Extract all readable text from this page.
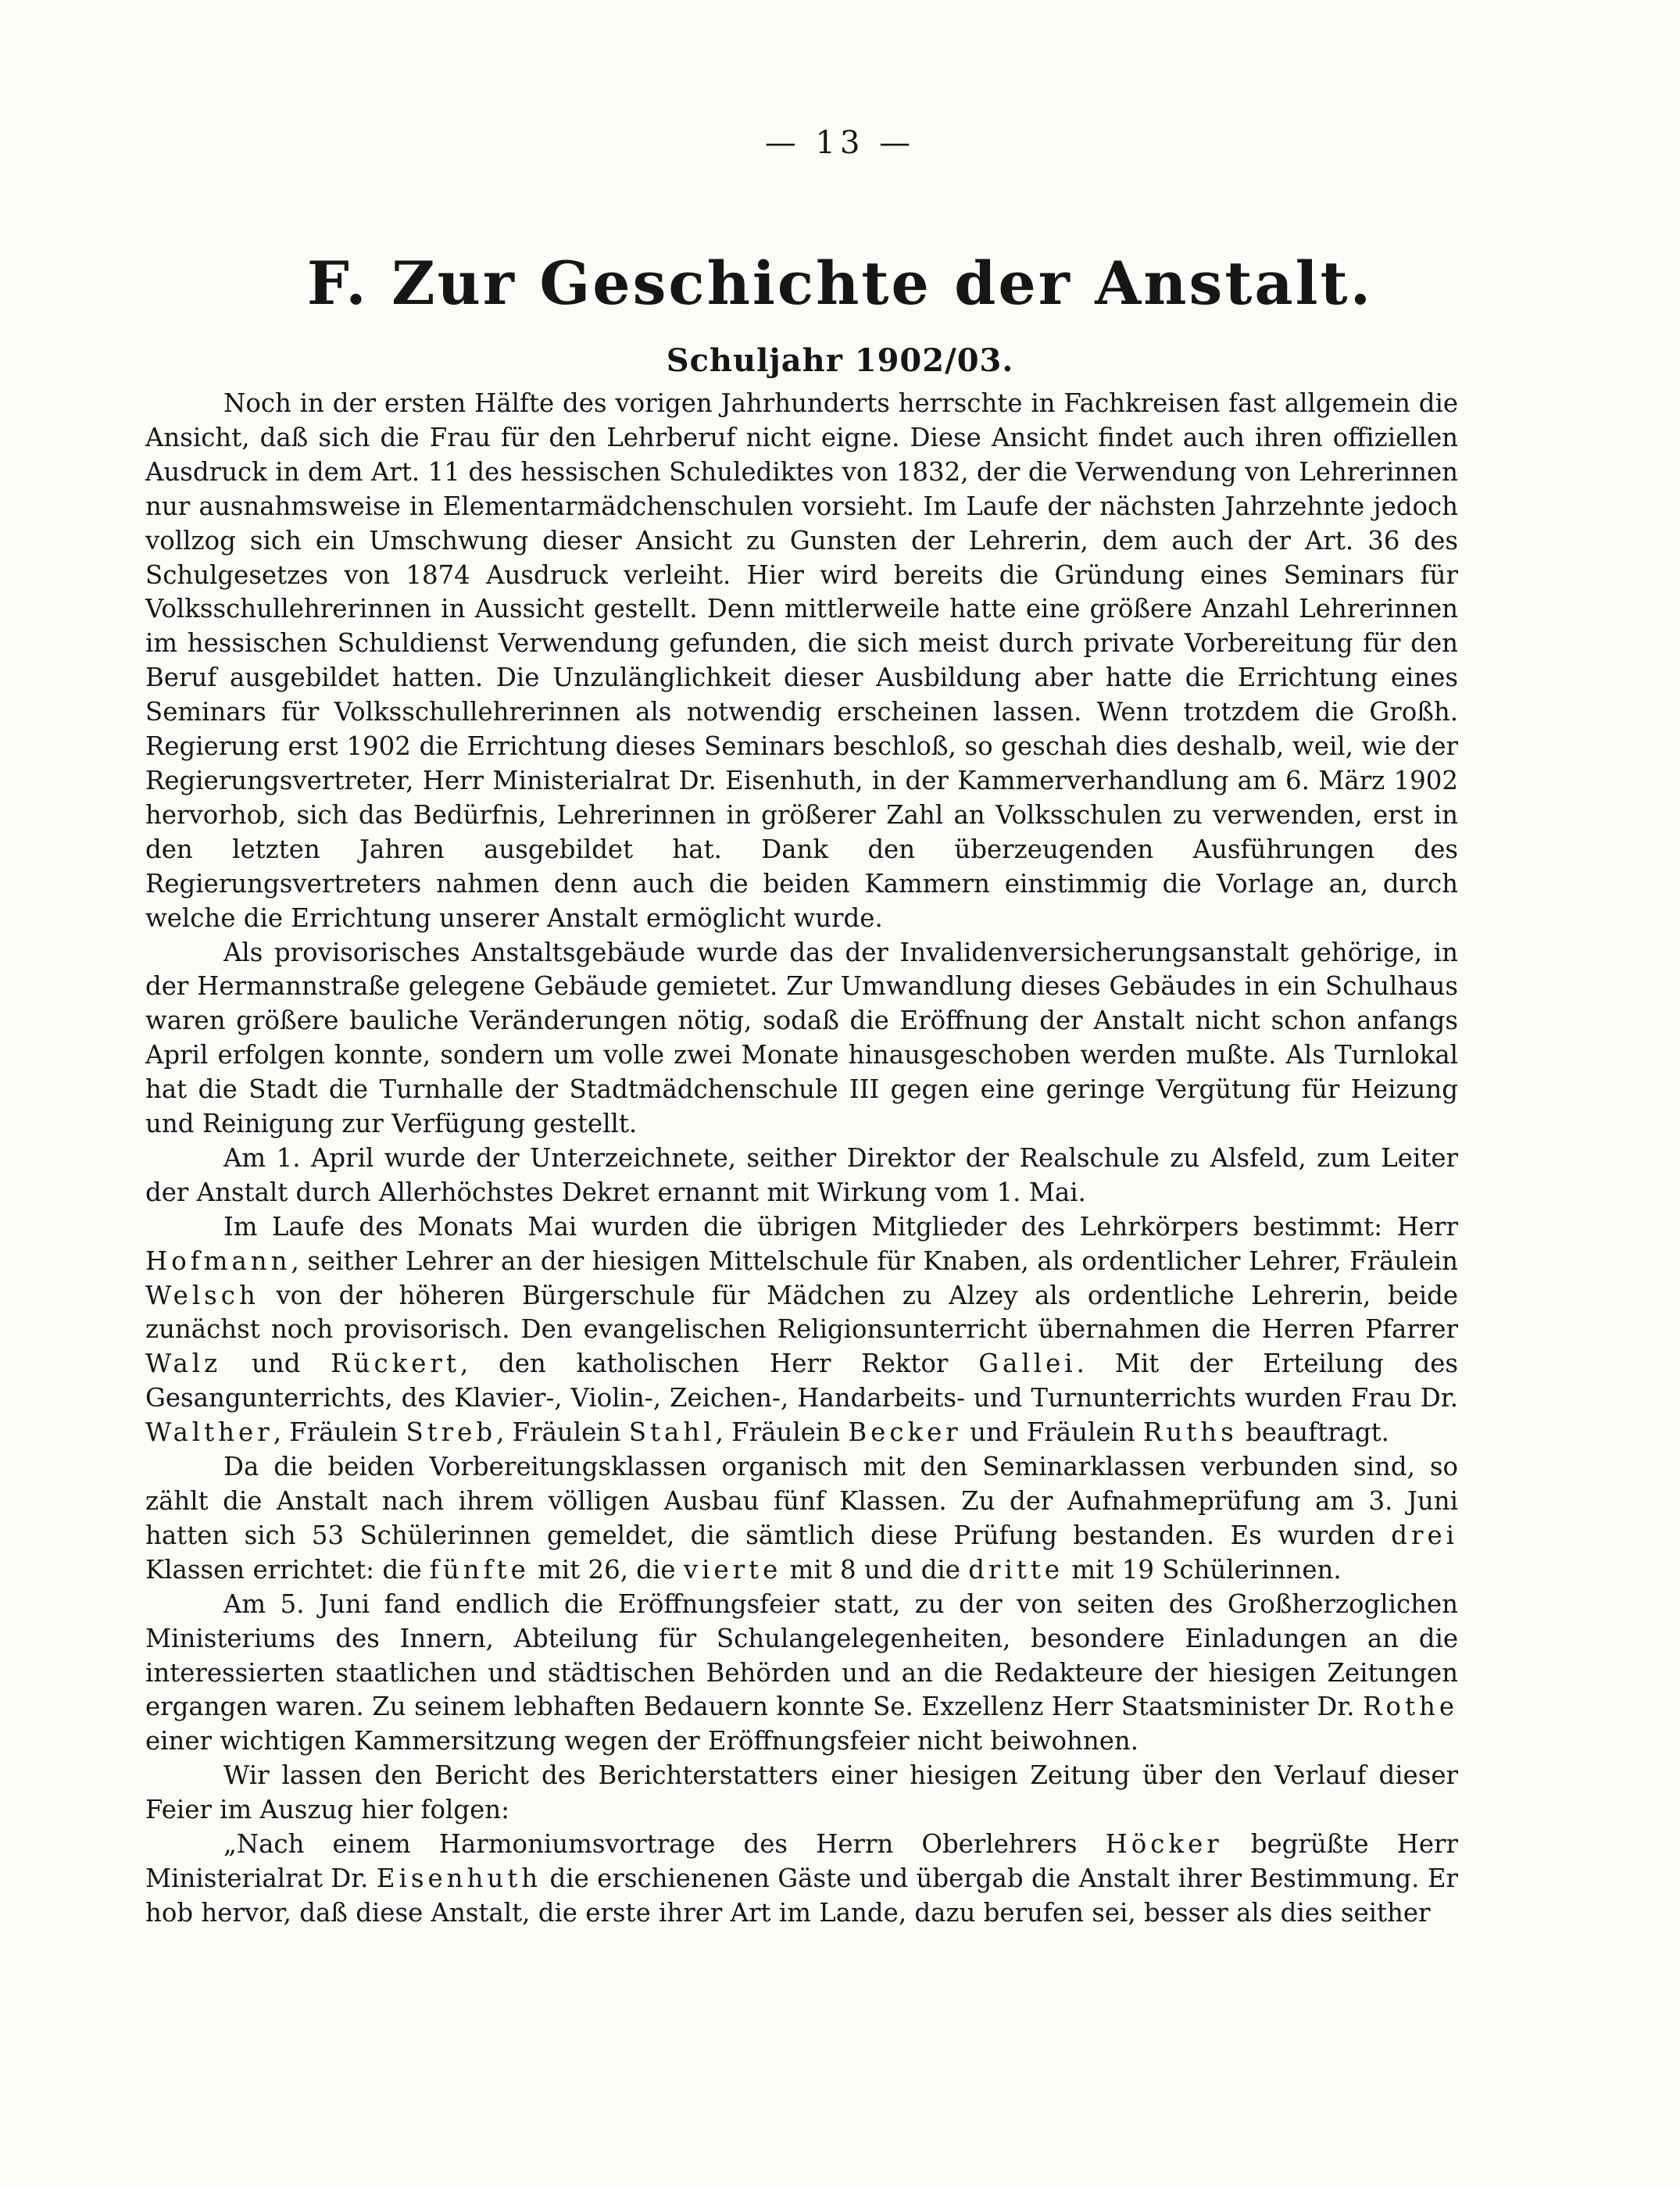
— 13 —
F. Zur Geschichte der Anstalt.
Schuljahr 1902/03.

Noch in der ersten Hälfte des vorigen Jahrhunderts herrschte in Fachkreisen fast allgemein die Ansicht, daß sich die Frau für den Lehrberuf nicht eigne. Diese Ansicht findet auch ihren offiziellen Ausdruck in dem Art. 11 des hessischen Schulediktes von 1832, der die Verwendung von Lehrerinnen nur ausnahmsweise in Elementarmädchenschulen vorsieht. Im Laufe der nächsten Jahrzehnte jedoch vollzog sich ein Umschwung dieser Ansicht zu Gunsten der Lehrerin, dem auch der Art. 36 des Schulgesetzes von 1874 Ausdruck verleiht. Hier wird bereits die Gründung eines Seminars für Volksschullehrerinnen in Aussicht gestellt. Denn mittlerweile hatte eine größere Anzahl Lehrerinnen im hessischen Schuldienst Verwendung gefunden, die sich meist durch private Vorbereitung für den Beruf ausgebildet hatten. Die Unzulänglichkeit dieser Ausbildung aber hatte die Errichtung eines Seminars für Volksschullehrerinnen als notwendig erscheinen lassen. Wenn trotzdem die Großh. Regierung erst 1902 die Errichtung dieses Seminars beschloß, so geschah dies deshalb, weil, wie der Regierungsvertreter, Herr Ministerialrat Dr. Eisenhuth, in der Kammerverhandlung am 6. März 1902 hervorhob, sich das Bedürfnis, Lehrerinnen in größerer Zahl an Volksschulen zu verwenden, erst in den letzten Jahren ausgebildet hat. Dank den überzeugenden Ausführungen des Regierungsvertreters nahmen denn auch die beiden Kammern einstimmig die Vorlage an, durch welche die Errichtung unserer Anstalt ermöglicht wurde.

Als provisorisches Anstaltsgebäude wurde das der Invalidenversicherungsanstalt gehörige, in der Hermannstraße gelegene Gebäude gemietet. Zur Umwandlung dieses Gebäudes in ein Schulhaus waren größere bauliche Veränderungen nötig, sodaß die Eröffnung der Anstalt nicht schon anfangs April erfolgen konnte, sondern um volle zwei Monate hinausgeschoben werden mußte. Als Turnlokal hat die Stadt die Turnhalle der Stadtmädchenschule III gegen eine geringe Vergütung für Heizung und Reinigung zur Verfügung gestellt.

Am 1. April wurde der Unterzeichnete, seither Direktor der Realschule zu Alsfeld, zum Leiter der Anstalt durch Allerhöchstes Dekret ernannt mit Wirkung vom 1. Mai.

Im Laufe des Monats Mai wurden die übrigen Mitglieder des Lehrkörpers bestimmt: Herr Hofmann, seither Lehrer an der hiesigen Mittelschule für Knaben, als ordentlicher Lehrer, Fräulein Welsch von der höheren Bürgerschule für Mädchen zu Alzey als ordentliche Lehrerin, beide zunächst noch provisorisch. Den evangelischen Religionsunterricht übernahmen die Herren Pfarrer Walz und Rückert, den katholischen Herr Rektor Gallei. Mit der Erteilung des Gesangunterrichts, des Klavier-, Violin-, Zeichen-, Handarbeits- und Turnunterrichts wurden Frau Dr. Walther, Fräulein Streb, Fräulein Stahl, Fräulein Becker und Fräulein Ruths beauftragt.

Da die beiden Vorbereitungsklassen organisch mit den Seminarklassen verbunden sind, so zählt die Anstalt nach ihrem völligen Ausbau fünf Klassen. Zu der Aufnahmeprüfung am 3. Juni hatten sich 53 Schülerinnen gemeldet, die sämtlich diese Prüfung bestanden. Es wurden drei Klassen errichtet: die fünfte mit 26, die vierte mit 8 und die dritte mit 19 Schülerinnen.

Am 5. Juni fand endlich die Eröffnungsfeier statt, zu der von seiten des Großherzoglichen Ministeriums des Innern, Abteilung für Schulangelegenheiten, besondere Einladungen an die interessierten staatlichen und städtischen Behörden und an die Redakteure der hiesigen Zeitungen ergangen waren. Zu seinem lebhaften Bedauern konnte Se. Exzellenz Herr Staatsminister Dr. Rothe einer wichtigen Kammersitzung wegen der Eröffnungsfeier nicht beiwohnen.

Wir lassen den Bericht des Berichterstatters einer hiesigen Zeitung über den Verlauf dieser Feier im Auszug hier folgen:

„Nach einem Harmoniumsvortrage des Herrn Oberlehrers Höcker begrüßte Herr Ministerialrat Dr. Eisenhuth die erschienenen Gäste und übergab die Anstalt ihrer Bestimmung. Er hob hervor, daß diese Anstalt, die erste ihrer Art im Lande, dazu berufen sei, besser als dies seither
